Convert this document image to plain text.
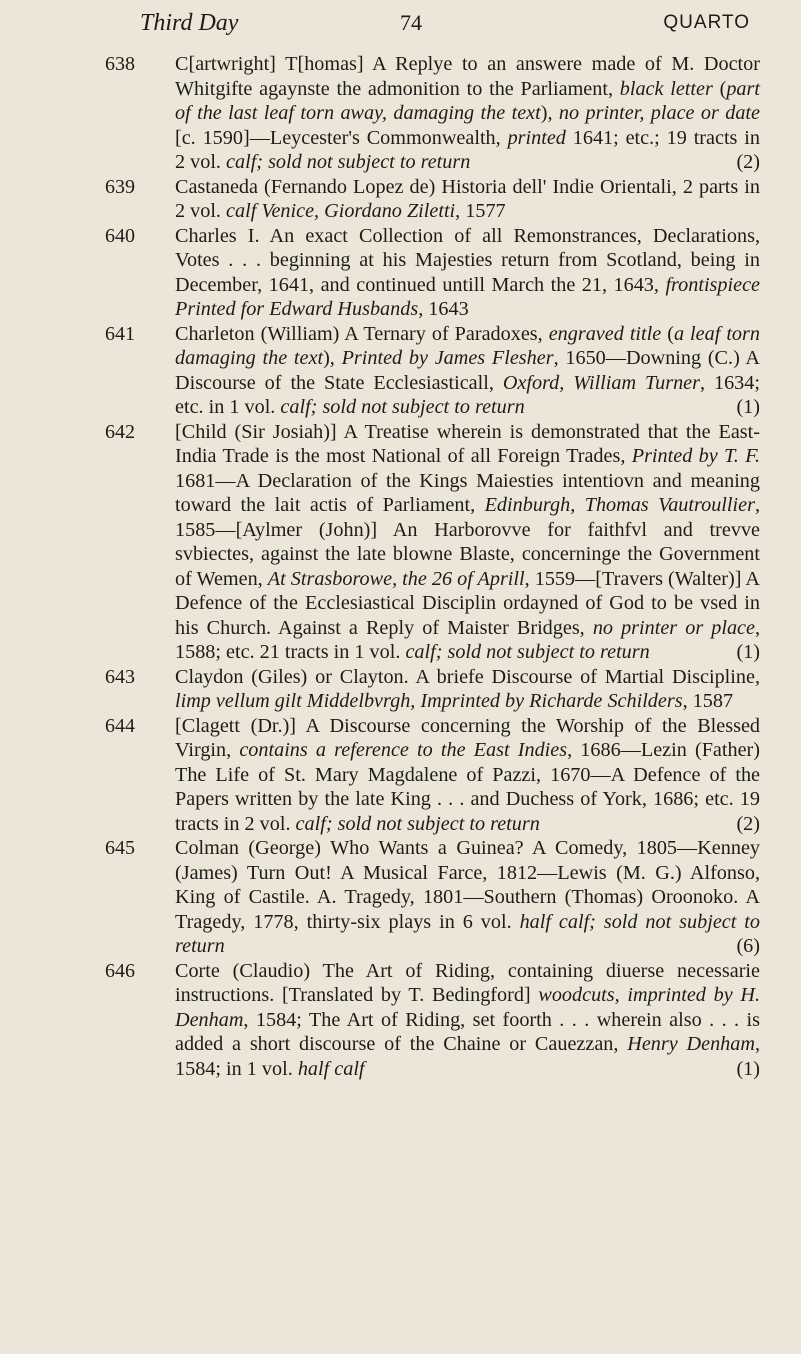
Third Day	74	QUARTO
638 C[artwright] T[homas] A Replye to an answere made of M. Doctor Whitgifte agaynste the admonition to the Parliament, black letter (part of the last leaf torn away, damaging the text), no printer, place or date [c. 1590]—Leycester's Commonwealth, printed 1641; etc.; 19 tracts in 2 vol. calf; sold not subject to return	(2)
639 Castaneda (Fernando Lopez de) Historia dell' Indie Orientali, 2 parts in 2 vol. calf Venice, Giordano Ziletti, 1577
640 Charles I. An exact Collection of all Remonstrances, Declarations, Votes . . . beginning at his Majesties return from Scotland, being in December, 1641, and continued untill March the 21, 1643, frontispiece Printed for Edward Husbands, 1643
641 Charleton (William) A Ternary of Paradoxes, engraved title (a leaf torn damaging the text), Printed by James Flesher, 1650—Downing (C.) A Discourse of the State Ecclesiasticall, Oxford, William Turner, 1634; etc. in 1 vol. calf; sold not subject to return	(1)
642 [Child (Sir Josiah)] A Treatise wherein is demonstrated that the East-India Trade is the most National of all Foreign Trades, Printed by T. F. 1681—A Declaration of the Kings Maiesties intentiovn and meaning toward the lait actis of Parliament, Edinburgh, Thomas Vautroullier, 1585—[Aylmer (John)] An Harborovve for faithfvl and trevve svbiectes, against the late blowne Blaste, concerninge the Government of Wemen, At Strasborowe, the 26 of Aprill, 1559—[Travers (Walter)] A Defence of the Ecclesiastical Disciplin ordayned of God to be vsed in his Church. Against a Reply of Maister Bridges, no printer or place, 1588; etc. 21 tracts in 1 vol. calf; sold not subject to return	(1)
643 Claydon (Giles) or Clayton. A briefe Discourse of Martial Discipline, limp vellum gilt Middelbvrgh, Imprinted by Richarde Schilders, 1587
644 [Clagett (Dr.)] A Discourse concerning the Worship of the Blessed Virgin, contains a reference to the East Indies, 1686—Lezin (Father) The Life of St. Mary Magdalene of Pazzi, 1670—A Defence of the Papers written by the late King . . . and Duchess of York, 1686; etc. 19 tracts in 2 vol. calf; sold not subject to return	(2)
645 Colman (George) Who Wants a Guinea? A Comedy, 1805—Kenney (James) Turn Out! A Musical Farce, 1812—Lewis (M. G.) Alfonso, King of Castile. A. Tragedy, 1801—Southern (Thomas) Oroonoko. A Tragedy, 1778, thirty-six plays in 6 vol. half calf; sold not subject to return	(6)
646 Corte (Claudio) The Art of Riding, containing diuerse necessarie instructions. [Translated by T. Bedingford] woodcuts, imprinted by H. Denham, 1584; The Art of Riding, set foorth . . . wherein also . . . is added a short discourse of the Chaine or Cauezzan, Henry Denham, 1584; in 1 vol. half calf	(1)
